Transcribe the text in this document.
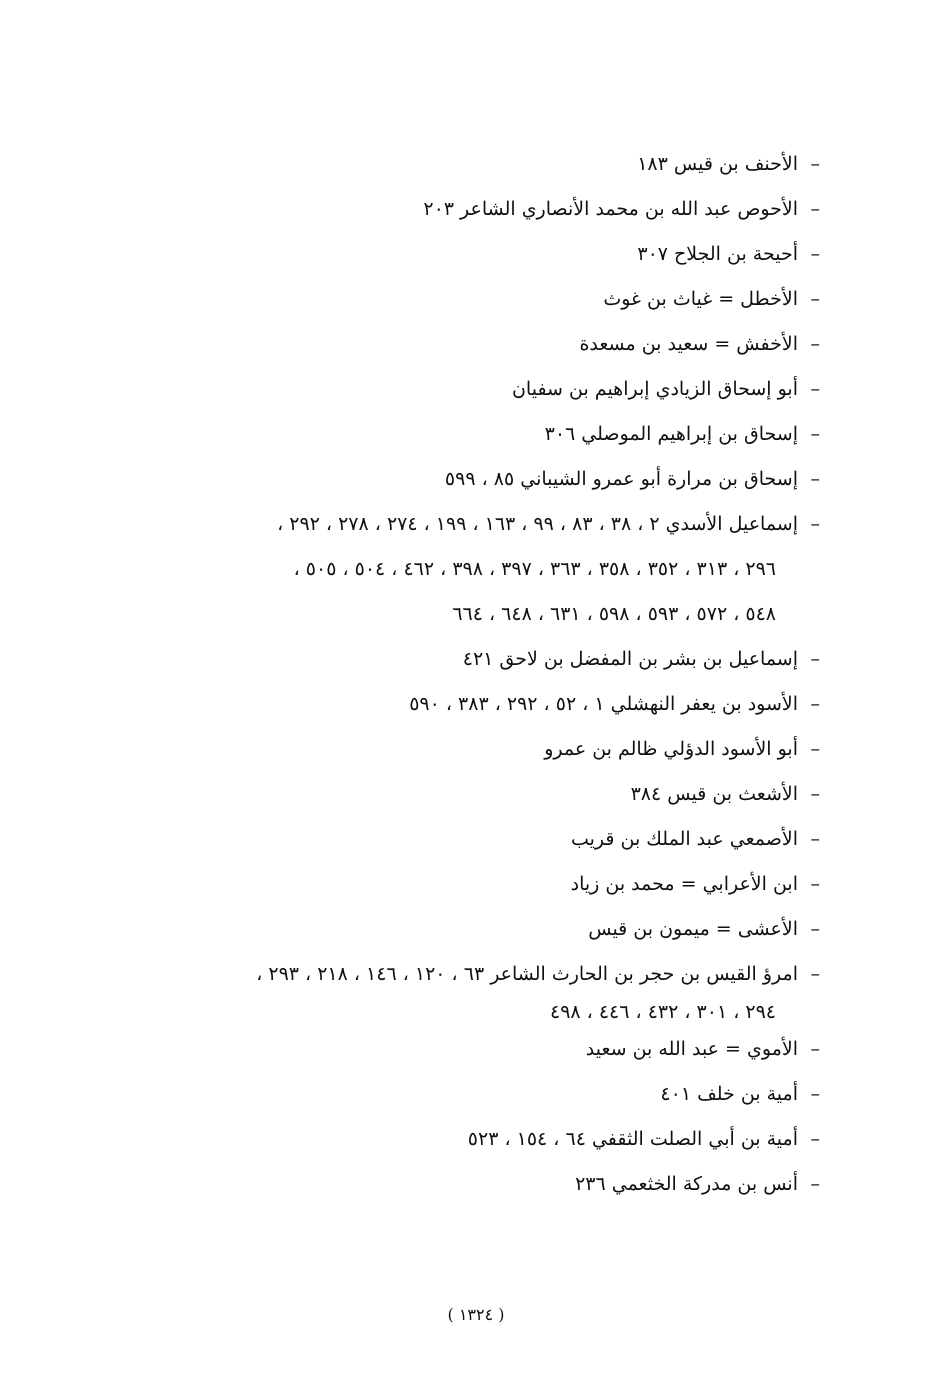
–الأحنف بن قيس ١٨٣
–الأحوص عبد الله بن محمد الأنصاري الشاعر ٢٠٣
–أحيحة بن الجلاح ٣٠٧
–الأخطل = غياث بن غوث
–الأخفش = سعيد بن مسعدة
–أبو إسحاق الزيادي إبراهيم بن سفيان
–إسحاق بن إبراهيم الموصلي ٣٠٦
–إسحاق بن مرارة أبو عمرو الشيباني ٨٥ ، ٥٩٩
–إسماعيل الأسدي ٢ ، ٣٨ ، ٨٣ ، ٩٩ ، ١٦٣ ، ١٩٩ ، ٢٧٤ ، ٢٧٨ ، ٢٩٢ ،
٢٩٦ ، ٣١٣ ، ٣٥٢ ، ٣٥٨ ، ٣٦٣ ، ٣٩٧ ، ٣٩٨ ، ٤٦٢ ، ٥٠٤ ، ٥٠٥ ،
٥٤٨ ، ٥٧٢ ، ٥٩٣ ، ٥٩٨ ، ٦٣١ ، ٦٤٨ ، ٦٦٤
–إسماعيل بن بشر بن المفضل بن لاحق ٤٢١
–الأسود بن يعفر النهشلي ١ ، ٥٢ ، ٢٩٢ ، ٣٨٣ ، ٥٩٠
–أبو الأسود الدؤلي ظالم بن عمرو
–الأشعث بن قيس ٣٨٤
–الأصمعي عبد الملك بن قريب
–ابن الأعرابي = محمد بن زياد
–الأعشى = ميمون بن قيس
–امرؤ القيس بن حجر بن الحارث الشاعر ٦٣ ، ١٢٠ ، ١٤٦ ، ٢١٨ ، ٢٩٣ ،
٢٩٤ ، ٣٠١ ، ٤٣٢ ، ٤٤٦ ، ٤٩٨
–الأموي = عبد الله بن سعيد
–أمية بن خلف ٤٠١
–أمية بن أبي الصلت الثقفي ٦٤ ، ١٥٤ ، ٥٢٣
–أنس بن مدركة الخثعمي ٢٣٦
( ١٣٢٤ )
